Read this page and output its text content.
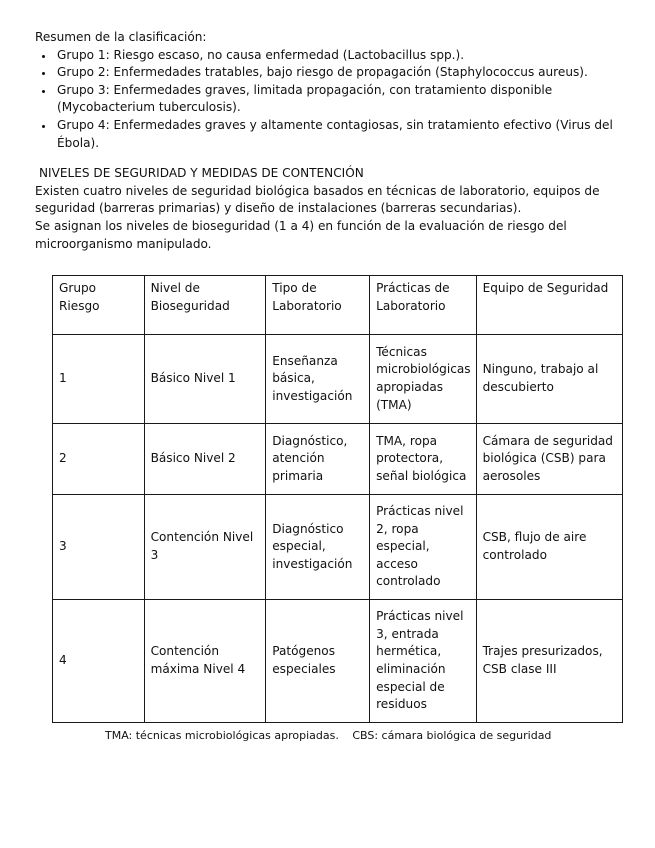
Resumen de la clasificación:

• Grupo 1: Riesgo escaso, no causa enfermedad (Lactobacillus spp.).
• Grupo 2: Enfermedades tratables, bajo riesgo de propagación (Staphylococcus aureus).
• Grupo 3: Enfermedades graves, limitada propagación, con tratamiento disponible (Mycobacterium tuberculosis).
• Grupo 4: Enfermedades graves y altamente contagiosas, sin tratamiento efectivo (Virus del Ébola).

NIVELES DE SEGURIDAD Y MEDIDAS DE CONTENCIÓN

Existen cuatro niveles de seguridad biológica basados en técnicas de laboratorio, equipos de seguridad (barreras primarias) y diseño de instalaciones (barreras secundarias).

Se asignan los niveles de bioseguridad (1 a 4) en función de la evaluación de riesgo del microorganismo manipulado.

Grupo Riesgo	Nivel de Bioseguridad	Tipo de Laboratorio	Prácticas de Laboratorio	Equipo de Seguridad
1	Básico Nivel 1	Enseñanza básica, investigación	Técnicas microbiológicas apropiadas (TMA)	Ninguno, trabajo al descubierto
2	Básico Nivel 2	Diagnóstico, atención primaria	TMA, ropa protectora, señal biológica	Cámara de seguridad biológica (CSB) para aerosoles
3	Contención Nivel 3	Diagnóstico especial, investigación	Prácticas nivel 2, ropa especial, acceso controlado	CSB, flujo de aire controlado
4	Contención máxima Nivel 4	Patógenos especiales	Prácticas nivel 3, entrada hermética, eliminación especial de residuos	Trajes presurizados, CSB clase III
TMA: técnicas microbiológicas apropiadas. CBS: cámara biológica de seguridad
